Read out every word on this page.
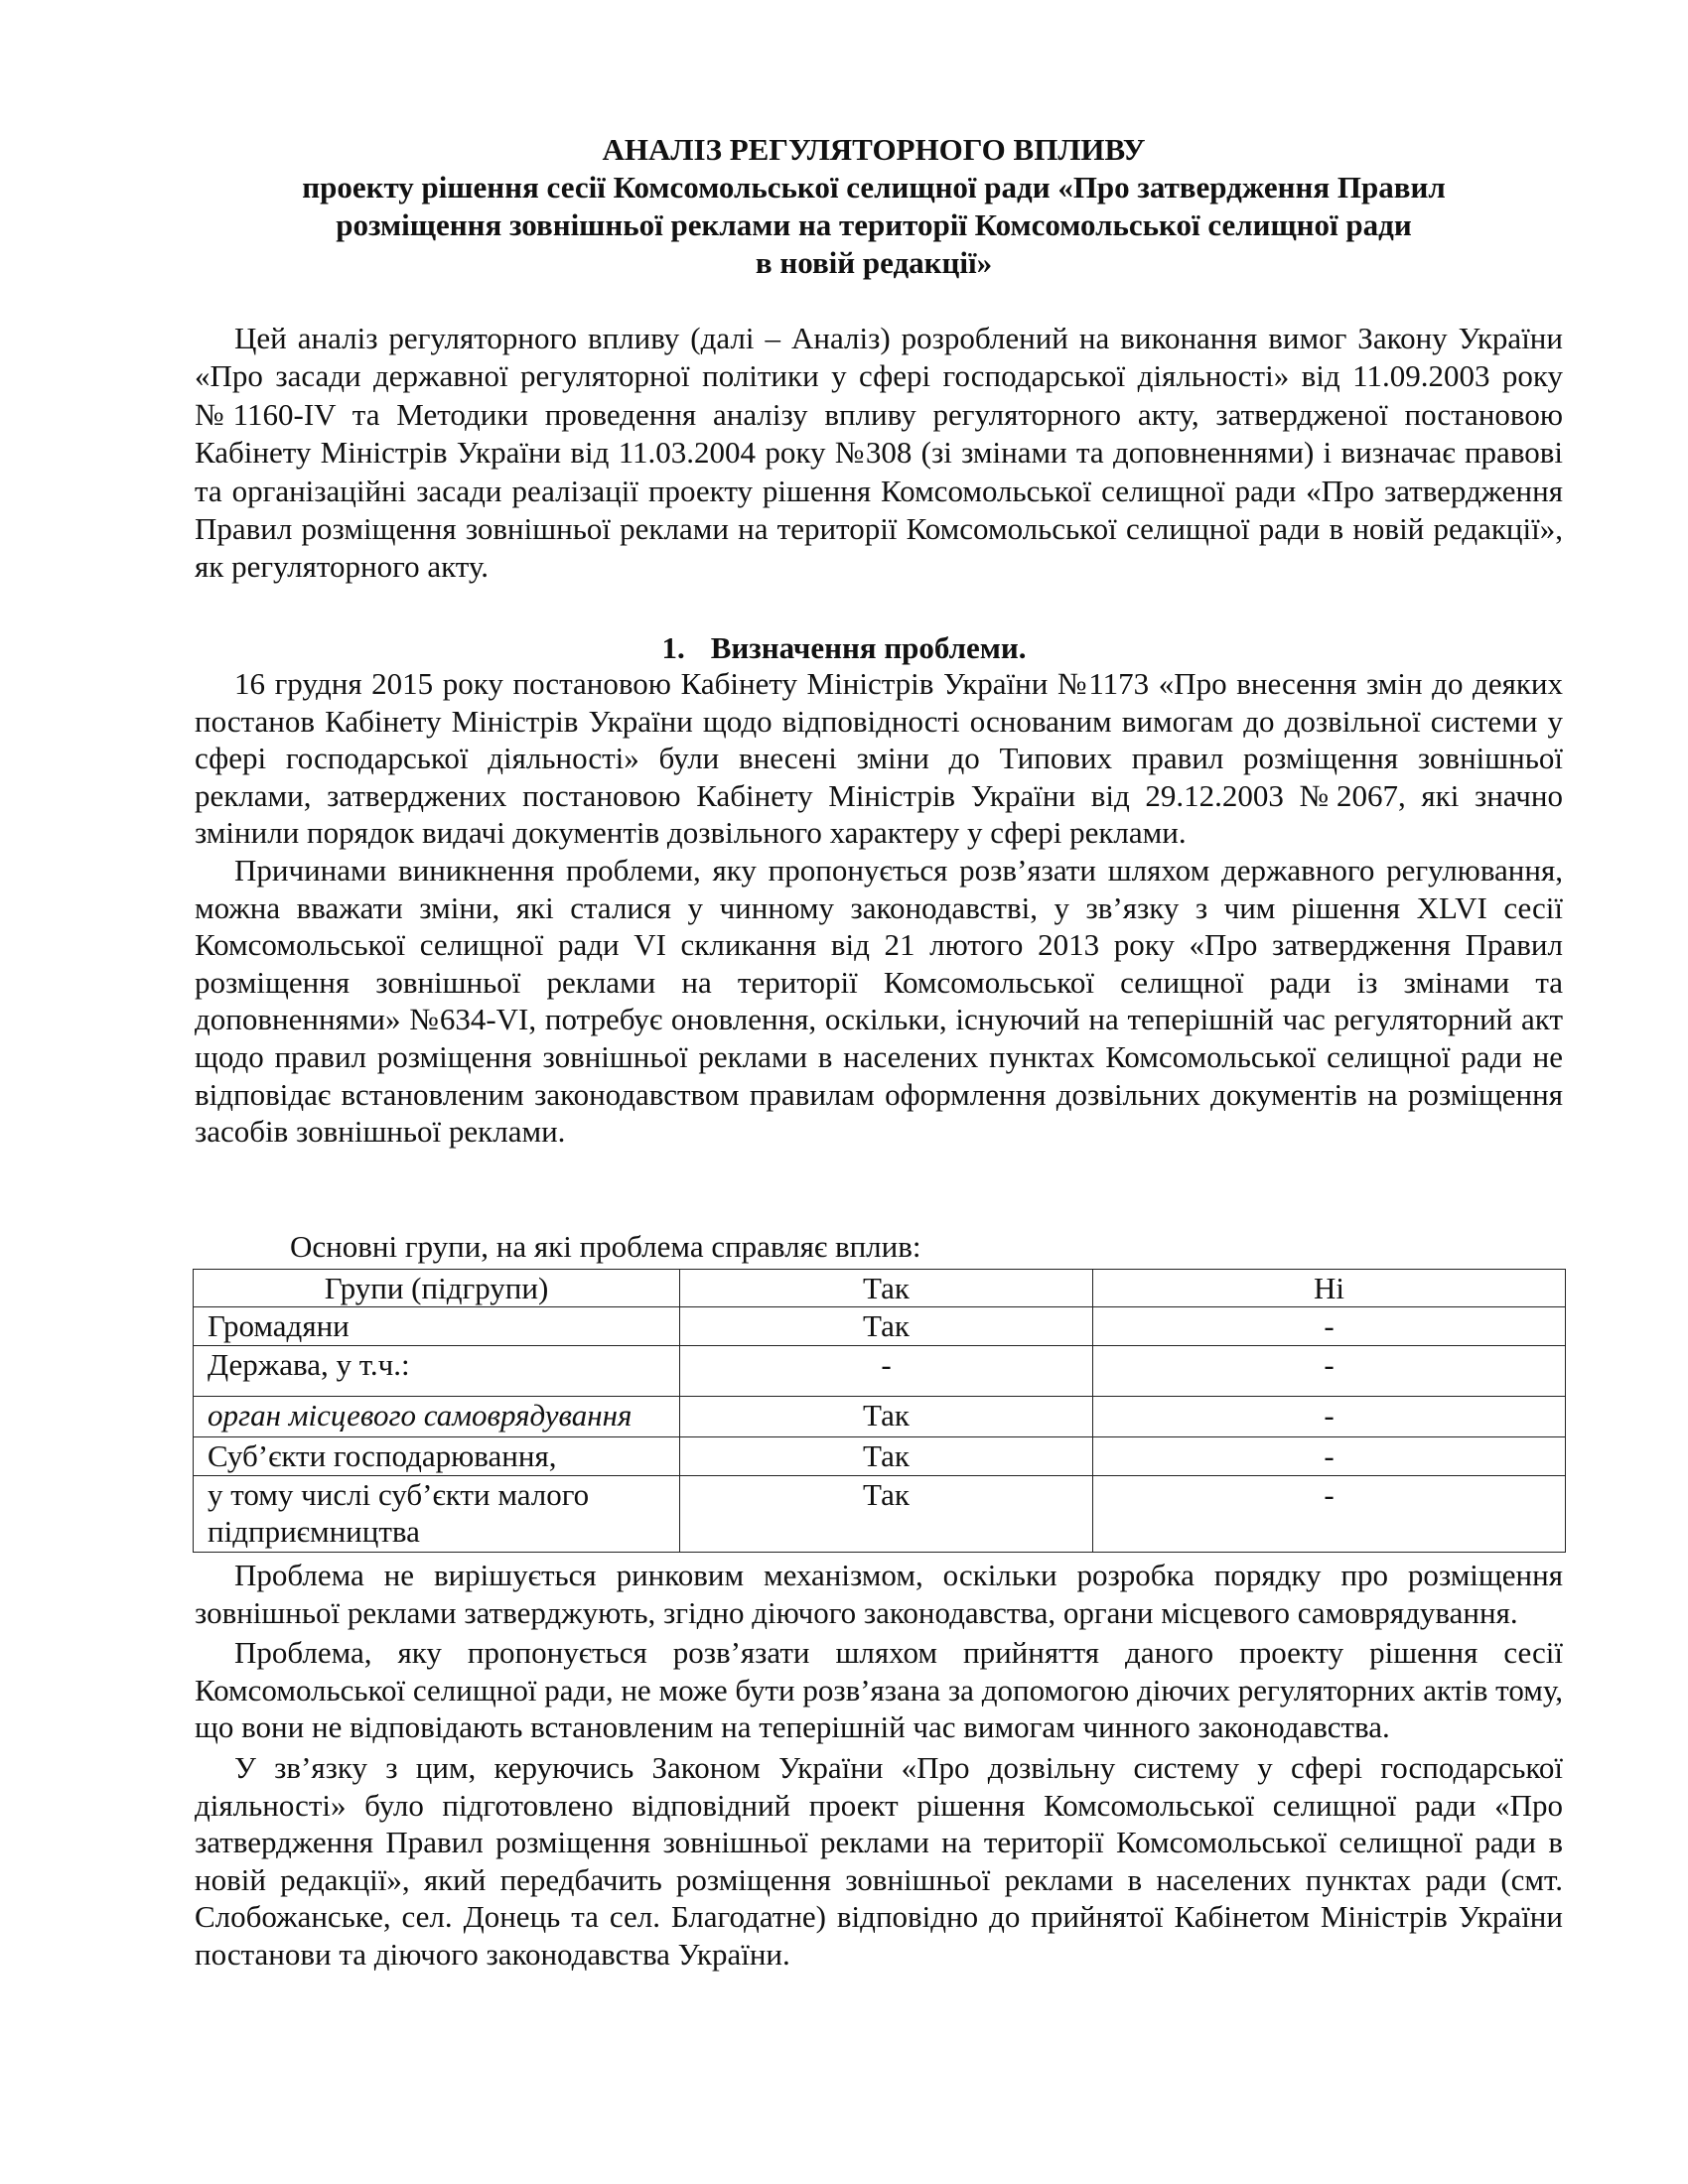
АНАЛІЗ РЕГУЛЯТОРНОГО ВПЛИВУ
проекту рішення сесії Комсомольської селищної ради «Про затвердження Правил
розміщення зовнішньої реклами на території Комсомольської селищної ради
в новій редакції»

Цей аналіз регуляторного впливу (далі – Аналіз) розроблений на виконання вимог Закону України «Про засади державної регуляторної політики у сфері господарської діяльності» від 11.09.2003 року №1160-IV та Методики проведення аналізу впливу регуляторного акту, затвердженої постановою Кабінету Міністрів України від 11.03.2004 року №308 (зі змінами та доповненнями) і визначає правові та організаційні засади реалізації проекту рішення Комсомольської селищної ради «Про затвердження Правил розміщення зовнішньої реклами на території Комсомольської селищної ради в новій редакції», як регуляторного акту.

1. Визначення проблеми.

16 грудня 2015 року постановою Кабінету Міністрів України №1173 «Про внесення змін до деяких постанов Кабінету Міністрів України щодо відповідності основаним вимогам до дозвільної системи у сфері господарської діяльності» були внесені зміни до Типових правил розміщення зовнішньої реклами, затверджених постановою Кабінету Міністрів України від 29.12.2003 №2067, які значно змінили порядок видачі документів дозвільного характеру у сфері реклами.

Причинами виникнення проблеми, яку пропонується розв’язати шляхом державного регулювання, можна вважати зміни, які сталися у чинному законодавстві, у зв’язку з чим рішення XLVI сесії Комсомольської селищної ради VI скликання від 21 лютого 2013 року «Про затвердження Правил розміщення зовнішньої реклами на території Комсомольської селищної ради із змінами та доповненнями» №634-VI, потребує оновлення, оскільки, існуючий на теперішній час регуляторний акт щодо правил розміщення зовнішньої реклами в населених пунктах Комсомольської селищної ради не відповідає встановленим законодавством правилам оформлення дозвільних документів на розміщення засобів зовнішньої реклами.

Основні групи, на які проблема справляє вплив:
Групи (підгрупи)	Так	Ні
Громадяни	Так	-
Держава, у т.ч.:	-	-
орган місцевого самоврядування	Так	-
Суб’єкти господарювання,	Так	-
у тому числі суб’єкти малого підприємництва	Так	-

Проблема не вирішується ринковим механізмом, оскільки розробка порядку про розміщення зовнішньої реклами затверджують, згідно діючого законодавства, органи місцевого самоврядування.

Проблема, яку пропонується розв’язати шляхом прийняття даного проекту рішення сесії Комсомольської селищної ради, не може бути розв’язана за допомогою діючих регуляторних актів тому, що вони не відповідають встановленим на теперішній час вимогам чинного законодавства.

У зв’язку з цим, керуючись Законом України «Про дозвільну систему у сфері господарської діяльності» було підготовлено відповідний проект рішення Комсомольської селищної ради «Про затвердження Правил розміщення зовнішньої реклами на території Комсомольської селищної ради в новій редакції», який передбачить розміщення зовнішньої реклами в населених пунктах ради (смт. Слобожанське, сел. Донець та сел. Благодатне) відповідно до прийнятої Кабінетом Міністрів України постанови та діючого законодавства України.
